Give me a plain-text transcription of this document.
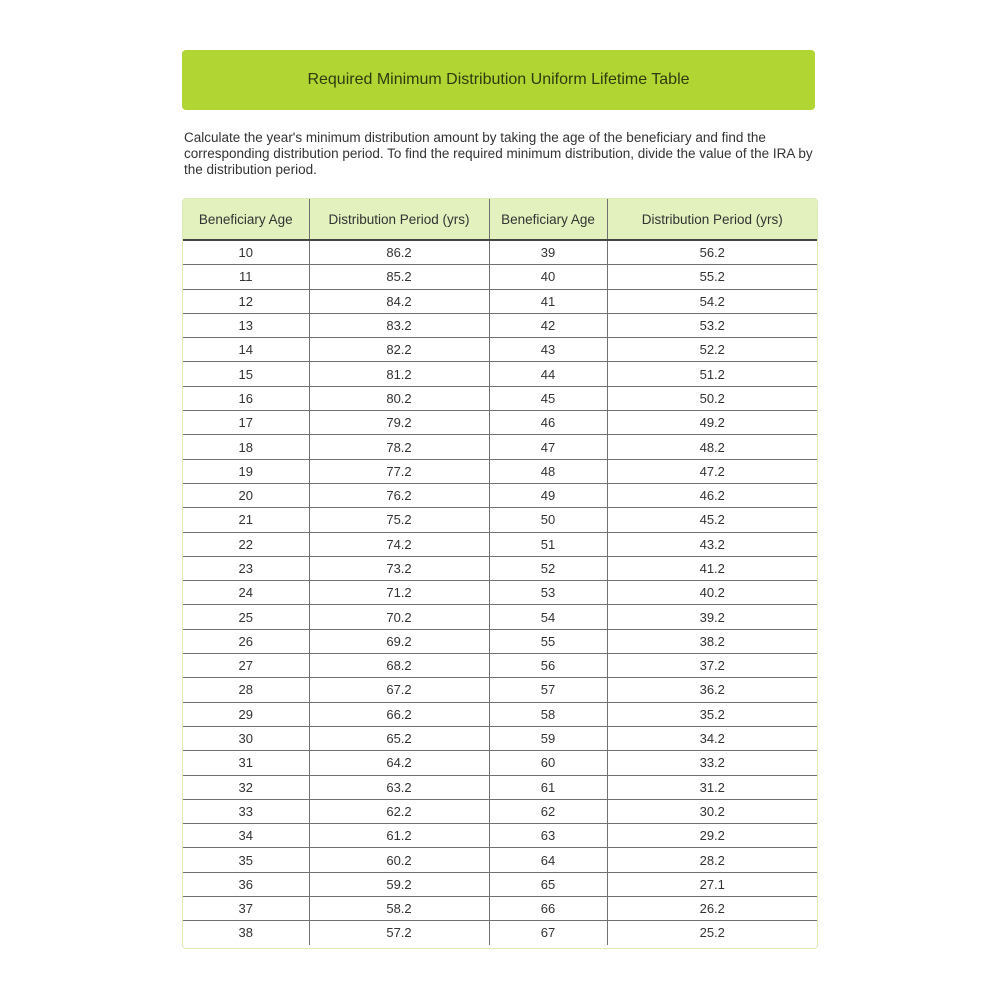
Required Minimum Distribution Uniform Lifetime Table
Calculate the year's minimum distribution amount by taking the age of the beneficiary and find the corresponding distribution period. To find the required minimum distribution, divide the value of the IRA by the distribution period.
Beneficiary Age	Distribution Period (yrs)	Beneficiary Age	Distribution Period (yrs)
10	86.2	39	56.2
11	85.2	40	55.2
12	84.2	41	54.2
13	83.2	42	53.2
14	82.2	43	52.2
15	81.2	44	51.2
16	80.2	45	50.2
17	79.2	46	49.2
18	78.2	47	48.2
19	77.2	48	47.2
20	76.2	49	46.2
21	75.2	50	45.2
22	74.2	51	43.2
23	73.2	52	41.2
24	71.2	53	40.2
25	70.2	54	39.2
26	69.2	55	38.2
27	68.2	56	37.2
28	67.2	57	36.2
29	66.2	58	35.2
30	65.2	59	34.2
31	64.2	60	33.2
32	63.2	61	31.2
33	62.2	62	30.2
34	61.2	63	29.2
35	60.2	64	28.2
36	59.2	65	27.1
37	58.2	66	26.2
38	57.2	67	25.2
